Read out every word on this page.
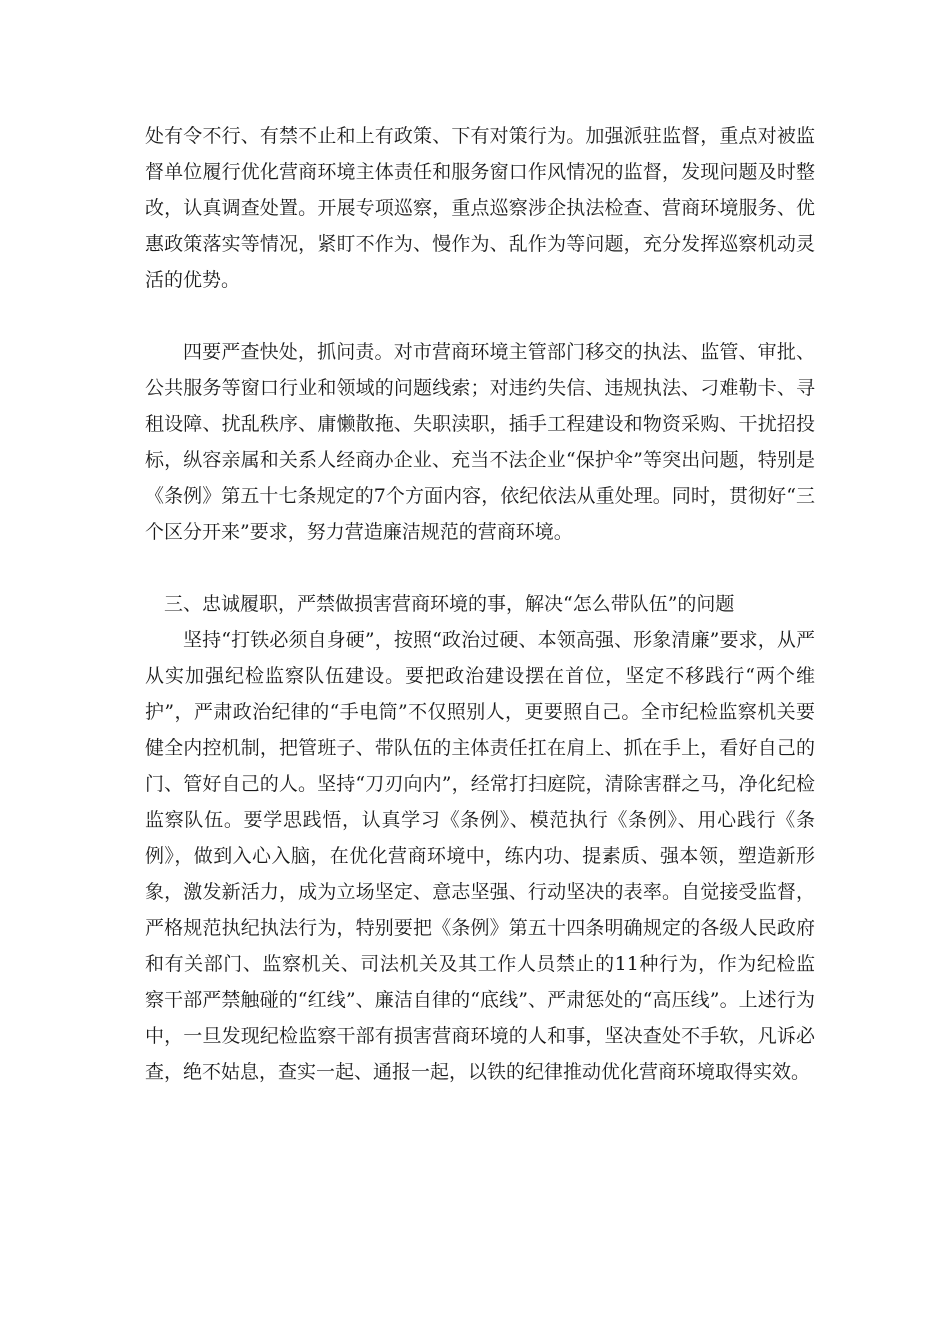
处有令不行、有禁不止和上有政策、下有对策行为。加强派驻监督，重点对被监督单位履行优化营商环境主体责任和服务窗口作风情况的监督，发现问题及时整改，认真调查处置。开展专项巡察，重点巡察涉企执法检查、营商环境服务、优惠政策落实等情况，紧盯不作为、慢作为、乱作为等问题，充分发挥巡察机动灵活的优势。

四要严查快处，抓问责。对市营商环境主管部门移交的执法、监管、审批、公共服务等窗口行业和领域的问题线索；对违约失信、违规执法、刁难勒卡、寻租设障、扰乱秩序、庸懒散拖、失职渎职，插手工程建设和物资采购、干扰招投标，纵容亲属和关系人经商办企业、充当不法企业“保护伞”等突出问题，特别是《条例》第五十七条规定的7个方面内容，依纪依法从重处理。同时，贯彻好“三个区分开来”要求，努力营造廉洁规范的营商环境。

三、忠诚履职，严禁做损害营商环境的事，解决“怎么带队伍”的问题

坚持“打铁必须自身硬”，按照“政治过硬、本领高强、形象清廉”要求，从严从实加强纪检监察队伍建设。要把政治建设摆在首位，坚定不移践行“两个维护”，严肃政治纪律的“手电筒”不仅照别人，更要照自己。全市纪检监察机关要健全内控机制，把管班子、带队伍的主体责任扛在肩上、抓在手上，看好自己的门、管好自己的人。坚持“刀刃向内”，经常打扫庭院，清除害群之马，净化纪检监察队伍。要学思践悟，认真学习《条例》、模范执行《条例》、用心践行《条例》，做到入心入脑，在优化营商环境中，练内功、提素质、强本领，塑造新形象，激发新活力，成为立场坚定、意志坚强、行动坚决的表率。自觉接受监督，严格规范执纪执法行为，特别要把《条例》第五十四条明确规定的各级人民政府和有关部门、监察机关、司法机关及其工作人员禁止的11种行为，作为纪检监察干部严禁触碰的“红线”、廉洁自律的“底线”、严肃惩处的“高压线”。上述行为中，一旦发现纪检监察干部有损害营商环境的人和事，坚决查处不手软，凡诉必查，绝不姑息，查实一起、通报一起，以铁的纪律推动优化营商环境取得实效。
